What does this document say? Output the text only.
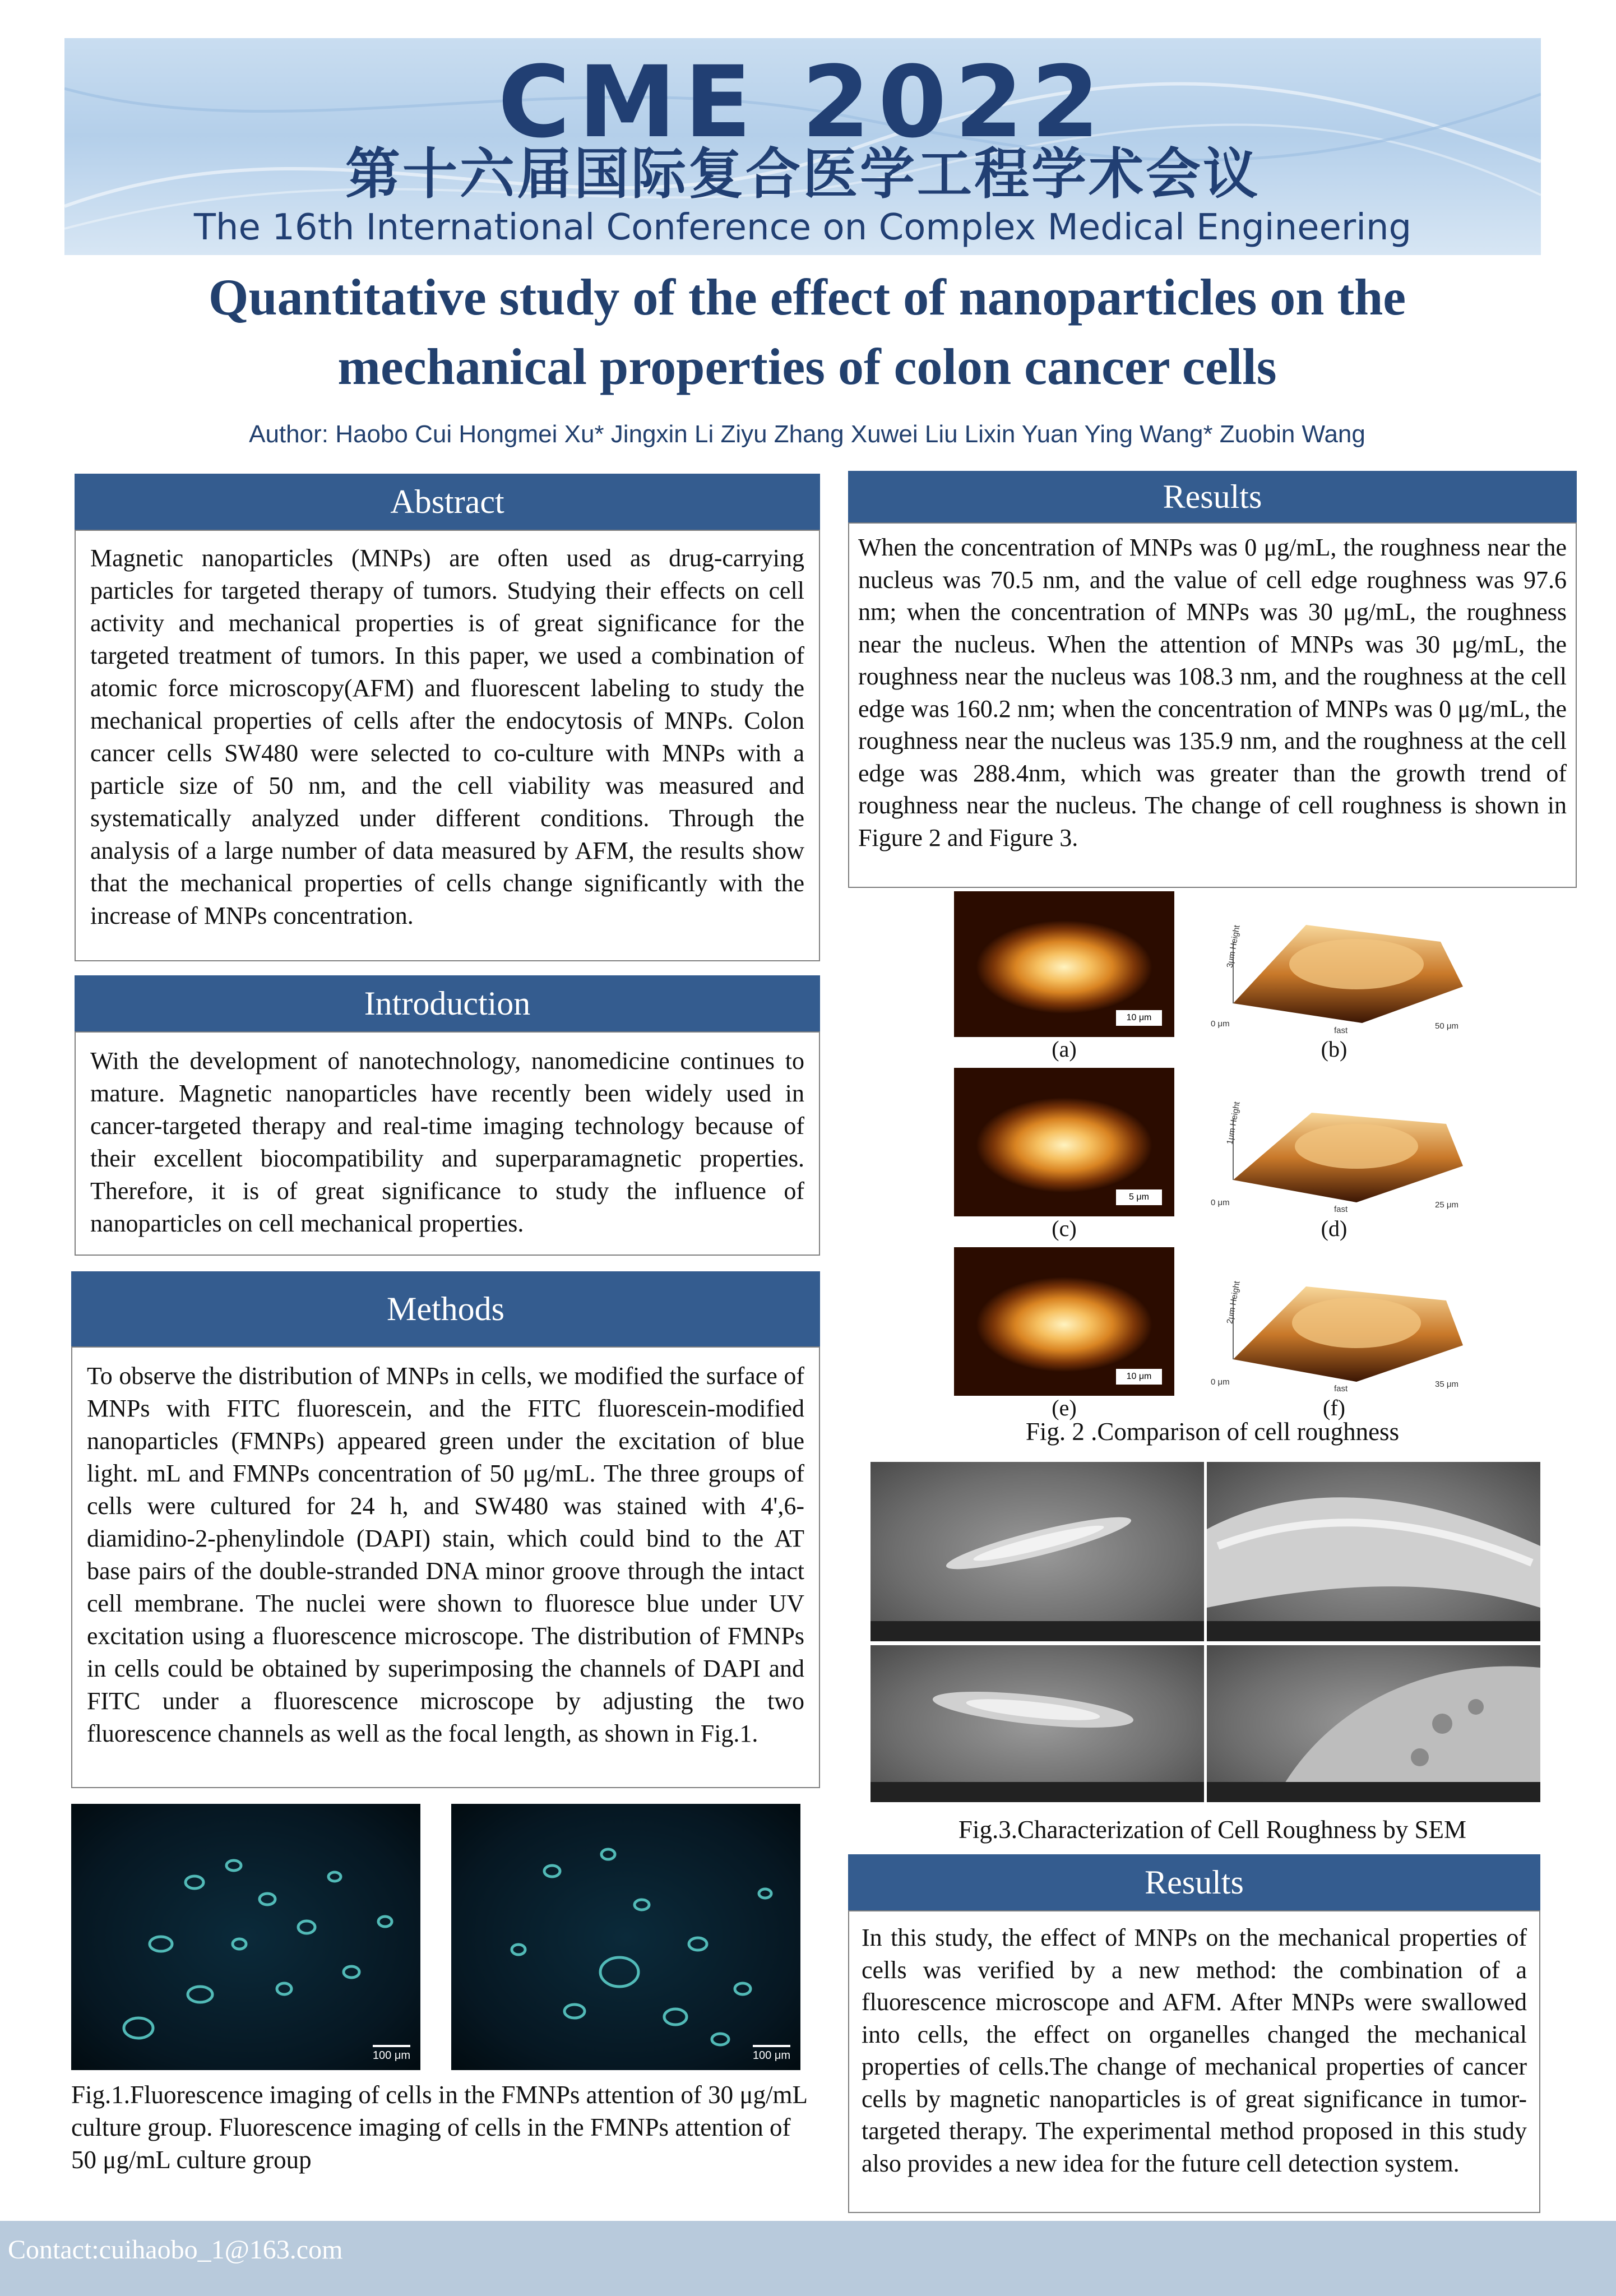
CME 2022
第十六届国际复合医学工程学术会议
The 16th International Conference on Complex Medical Engineering
Quantitative study of the effect of nanoparticles on the
mechanical properties of colon cancer cells
Author: Haobo Cui Hongmei Xu* Jingxin Li Ziyu Zhang Xuwei Liu Lixin Yuan Ying Wang* Zuobin Wang
Abstract
Magnetic nanoparticles (MNPs) are often used as drug-carrying particles for targeted therapy of tumors. Studying their effects on cell activity and mechanical properties is of great significance for the targeted treatment of tumors. In this paper, we used a combination of atomic force microscopy(AFM) and fluorescent labeling to study the mechanical properties of cells after the endocytosis of MNPs. Colon cancer cells SW480 were selected to co-culture with MNPs with a particle size of 50 nm, and the cell viability was measured and systematically analyzed under different conditions. Through the analysis of a large number of data measured by AFM, the results show that the mechanical properties of cells change significantly with the increase of MNPs concentration.
Introduction
With the development of nanotechnology, nanomedicine continues to mature. Magnetic nanoparticles have recently been widely used in cancer-targeted therapy and real-time imaging technology because of their excellent biocompatibility and superparamagnetic properties. Therefore, it is of great significance to study the influence of nanoparticles on cell mechanical properties.
Methods
To observe the distribution of MNPs in cells, we modified the surface of MNPs with FITC fluorescein, and the FITC fluorescein-modified nanoparticles (FMNPs) appeared green under the excitation of blue light. mL and FMNPs concentration of 50 μg/mL. The three groups of cells were cultured for 24 h, and SW480 was stained with 4',6-diamidino-2-phenylindole (DAPI) stain, which could bind to the AT base pairs of the double-stranded DNA minor groove through the intact cell membrane. The nuclei were shown to fluoresce blue under UV excitation using a fluorescence microscope. The distribution of FMNPs in cells could be obtained by superimposing the channels of DAPI and FITC under a fluorescence microscope by adjusting the two fluorescence channels as well as the focal length, as shown in Fig.1.
100 μm	100 μm
Fig.1.Fluorescence imaging of cells in the FMNPs attention of 30 μg/mL culture group. Fluorescence imaging of cells in the FMNPs attention of 50 μg/mL culture group
Results
When the concentration of MNPs was 0 μg/mL, the roughness near the nucleus was 70.5 nm, and the value of cell edge roughness was 97.6 nm; when the concentration of MNPs was 30 μg/mL, the roughness near the nucleus. When the attention of MNPs was 30 μg/mL, the roughness near the nucleus was 108.3 nm, and the roughness at the cell edge was 160.2 nm; when the concentration of MNPs was 0 μg/mL, the roughness near the nucleus was 135.9 nm, and the roughness at the cell edge was 288.4nm, which was greater than the growth trend of roughness near the nucleus. The change of cell roughness is shown in Figure 2 and Figure 3.
10 μm
(a)
3μm Height
0 μm
fast	50 μm
(b)
5 μm
(c)
1μm Height
0 μm
fast	25 μm
(d)
10 μm
(e)
2μm Height
0 μm
fast	35 μm
(f)
Fig. 2 .Comparison of cell roughness
Fig.3.Characterization of Cell Roughness by SEM
Results
In this study, the effect of MNPs on the mechanical properties of cells was verified by a new method: the combination of a fluorescence microscope and AFM. After MNPs were swallowed into cells, the effect on organelles changed the mechanical properties of cells.The change of mechanical properties of cancer cells by magnetic nanoparticles is of great significance in tumor-targeted therapy. The experimental method proposed in this study also provides a new idea for the future cell detection system.
Contact:cuihaobo_1@163.com
